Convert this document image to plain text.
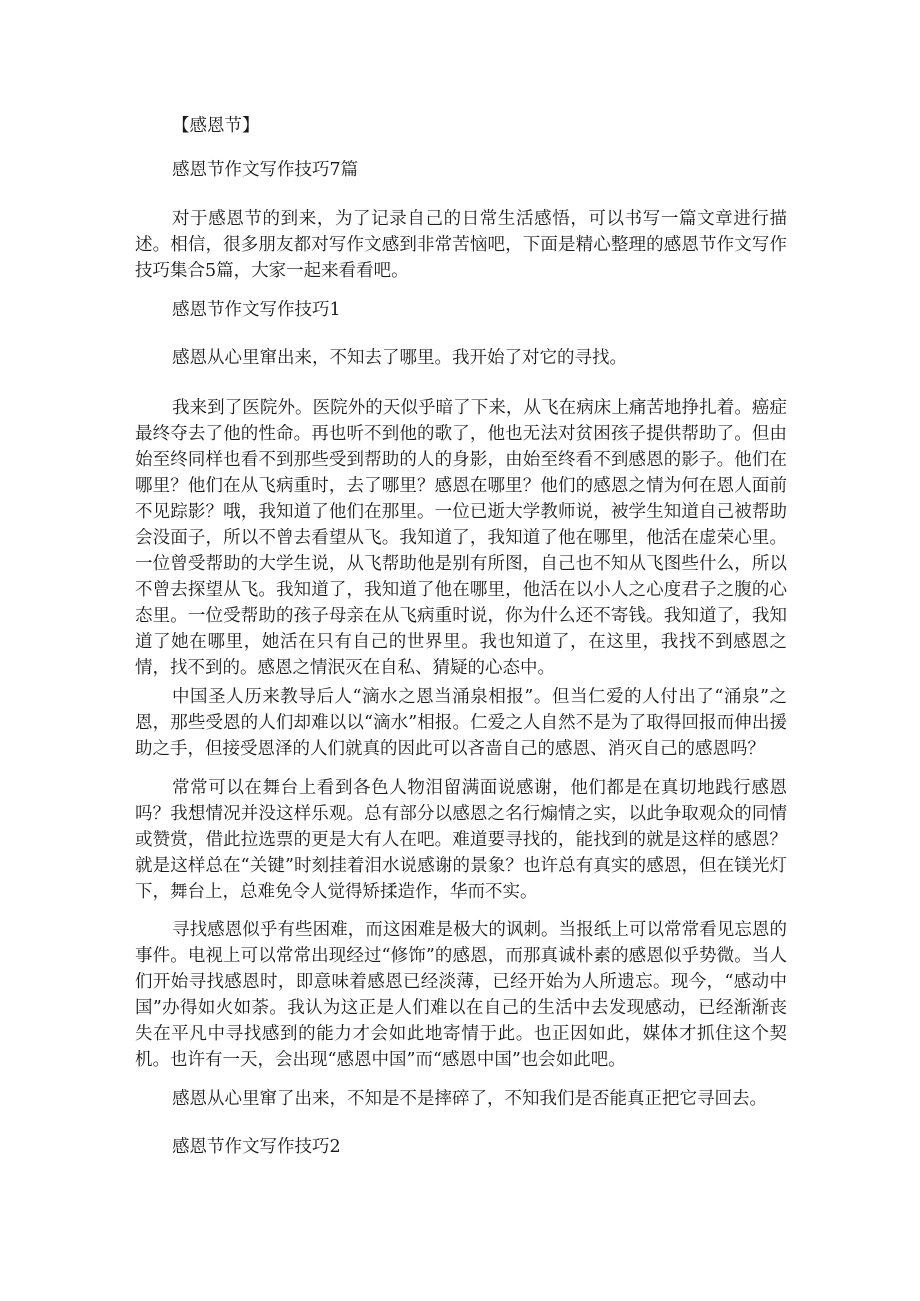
【感恩节】

感恩节作文写作技巧7篇

对于感恩节的到来，为了记录自己的日常生活感悟，可以书写一篇文章进行描述。相信，很多朋友都对写作文感到非常苦恼吧，下面是精心整理的感恩节作文写作技巧集合5篇，大家一起来看看吧。

感恩节作文写作技巧1

感恩从心里窜出来，不知去了哪里。我开始了对它的寻找。

我来到了医院外。医院外的天似乎暗了下来，从飞在病床上痛苦地挣扎着。癌症最终夺去了他的性命。再也听不到他的歌了，他也无法对贫困孩子提供帮助了。但由始至终同样也看不到那些受到帮助的人的身影，由始至终看不到感恩的影子。他们在哪里？他们在从飞病重时，去了哪里？感恩在哪里？他们的感恩之情为何在恩人面前不见踪影？哦，我知道了他们在那里。一位已逝大学教师说，被学生知道自己被帮助会没面子，所以不曾去看望从飞。我知道了，我知道了他在哪里，他活在虚荣心里。一位曾受帮助的大学生说，从飞帮助他是别有所图，自己也不知从飞图些什么，所以不曾去探望从飞。我知道了，我知道了他在哪里，他活在以小人之心度君子之腹的心态里。一位受帮助的孩子母亲在从飞病重时说，你为什么还不寄钱。我知道了，我知道了她在哪里，她活在只有自己的世界里。我也知道了，在这里，我找不到感恩之情，找不到的。感恩之情泯灭在自私、猜疑的心态中。

中国圣人历来教导后人“滴水之恩当涌泉相报”。但当仁爱的人付出了“涌泉”之恩，那些受恩的人们却难以以“滴水”相报。仁爱之人自然不是为了取得回报而伸出援助之手，但接受恩泽的人们就真的因此可以吝啬自己的感恩、消灭自己的感恩吗？

常常可以在舞台上看到各色人物泪留满面说感谢，他们都是在真切地践行感恩吗？我想情况并没这样乐观。总有部分以感恩之名行煽情之实，以此争取观众的同情或赞赏，借此拉选票的更是大有人在吧。难道要寻找的，能找到的就是这样的感恩？就是这样总在“关键”时刻挂着泪水说感谢的景象？也许总有真实的感恩，但在镁光灯下，舞台上，总难免令人觉得矫揉造作，华而不实。

寻找感恩似乎有些困难，而这困难是极大的讽刺。当报纸上可以常常看见忘恩的事件。电视上可以常常出现经过“修饰”的感恩，而那真诚朴素的感恩似乎势微。当人们开始寻找感恩时，即意味着感恩已经淡薄，已经开始为人所遗忘。现今，“感动中国”办得如火如荼。我认为这正是人们难以在自己的生活中去发现感动，已经渐渐丧失在平凡中寻找感到的能力才会如此地寄情于此。也正因如此，媒体才抓住这个契机。也许有一天，会出现“感恩中国”而“感恩中国”也会如此吧。

感恩从心里窜了出来，不知是不是摔碎了，不知我们是否能真正把它寻回去。

感恩节作文写作技巧2
